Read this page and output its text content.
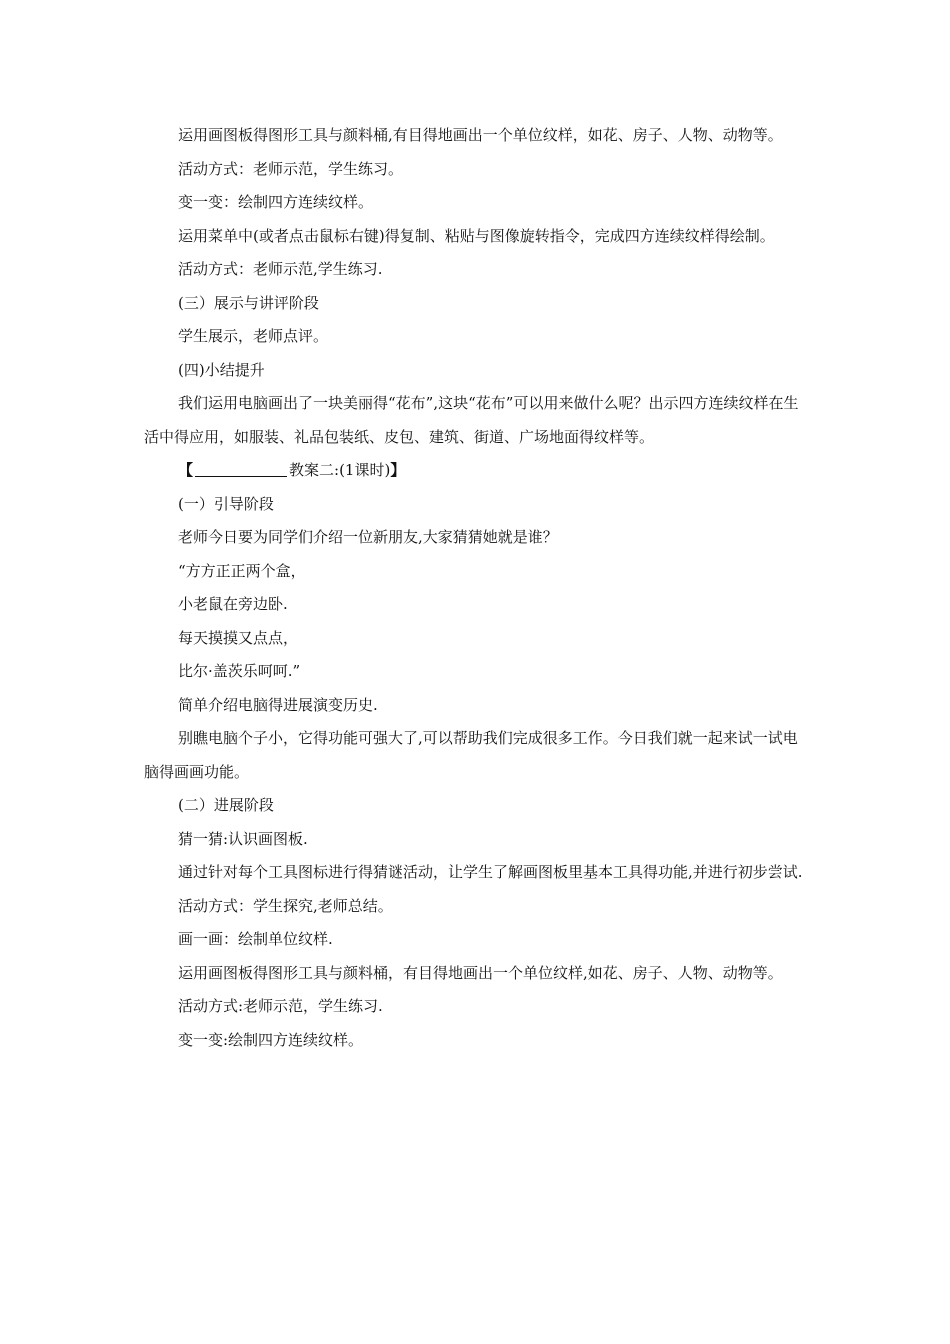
运用画图板得图形工具与颜料桶,有目得地画出一个单位纹样，如花、房子、人物、动物等。

活动方式：老师示范，学生练习。

变一变：绘制四方连续纹样。

运用菜单中(或者点击鼠标右键)得复制、粘贴与图像旋转指令，完成四方连续纹样得绘制。

活动方式：老师示范,学生练习.

(三）展示与讲评阶段

学生展示，老师点评。

(四)小结提升

我们运用电脑画出了一块美丽得“花布”,这块“花布”可以用来做什么呢？出示四方连续纹样在生活中得应用，如服装、礼品包装纸、皮包、建筑、街道、广场地面得纹样等。

【	教案二:(1课时)】

(一）引导阶段

老师今日要为同学们介绍一位新朋友,大家猜猜她就是谁？

“方方正正两个盒，

小老鼠在旁边卧.

每天摸摸又点点，

比尔·盖茨乐呵呵.”

简单介绍电脑得进展演变历史.

别瞧电脑个子小，它得功能可强大了,可以帮助我们完成很多工作。今日我们就一起来试一试电脑得画画功能。

(二）进展阶段

猜一猜:认识画图板.

通过针对每个工具图标进行得猜谜活动，让学生了解画图板里基本工具得功能,并进行初步尝试.

活动方式：学生探究,老师总结。

画一画：绘制单位纹样.

运用画图板得图形工具与颜料桶，有目得地画出一个单位纹样,如花、房子、人物、动物等。

活动方式:老师示范，学生练习.

变一变:绘制四方连续纹样。
